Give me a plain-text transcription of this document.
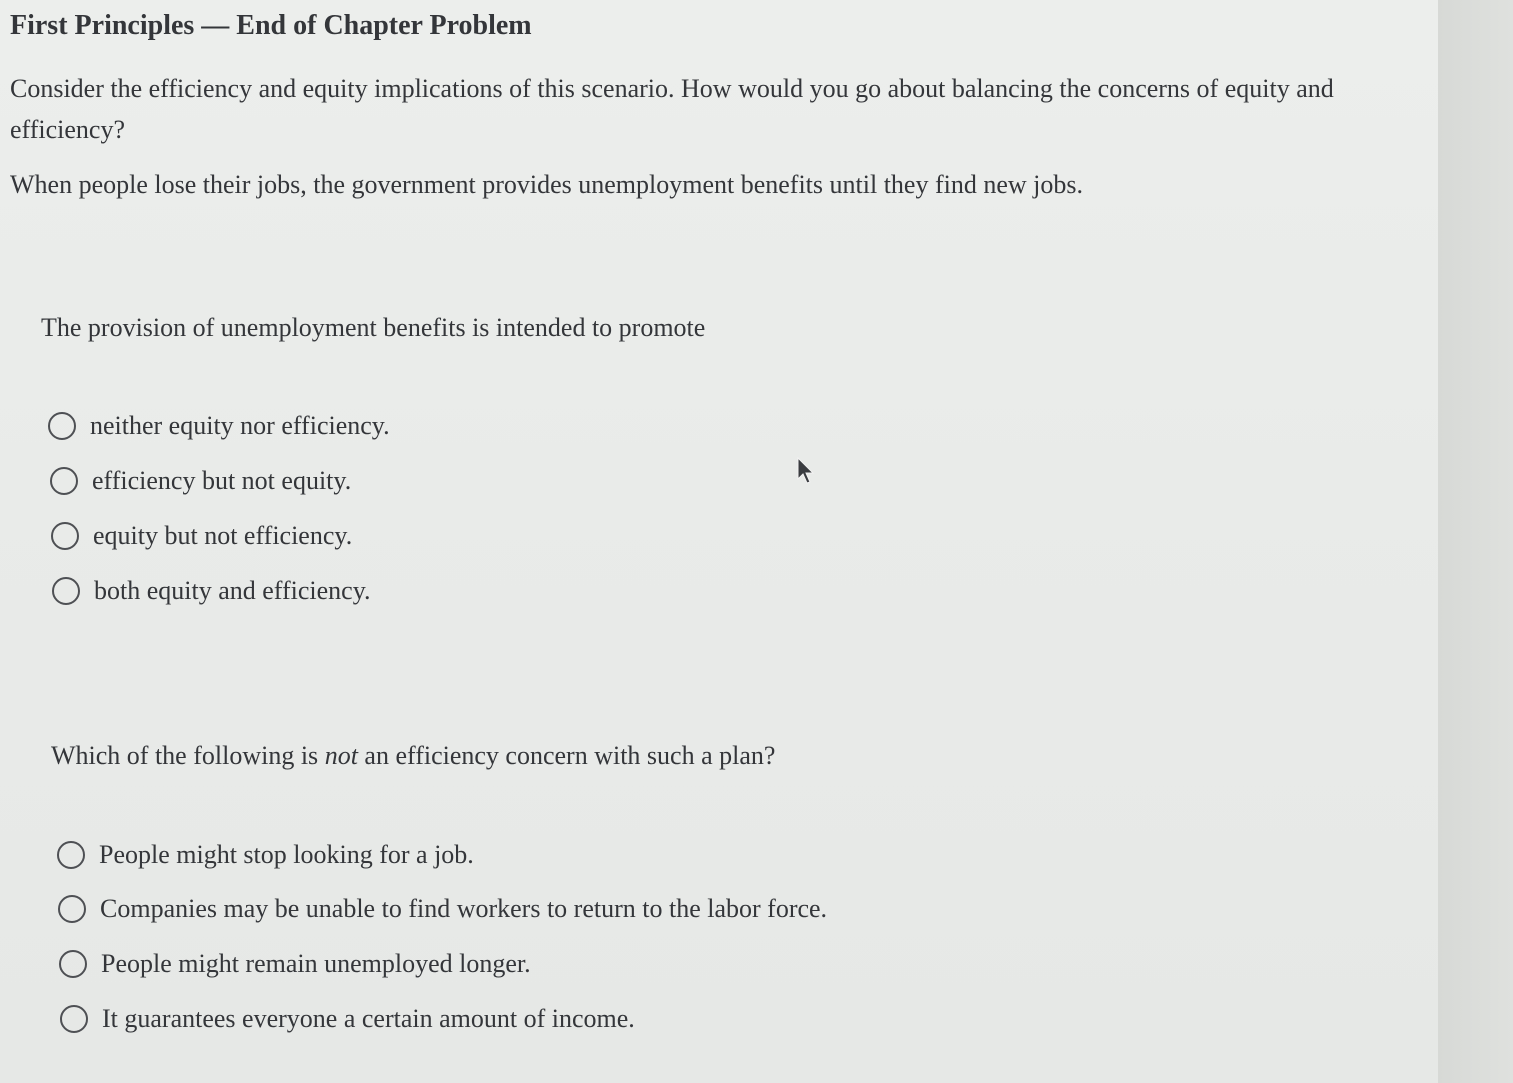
First Principles — End of Chapter Problem

Consider the efficiency and equity implications of this scenario. How would you go about balancing the concerns of equity and efficiency?

When people lose their jobs, the government provides unemployment benefits until they find new jobs.

The provision of unemployment benefits is intended to promote

neither equity nor efficiency.
efficiency but not equity.
equity but not efficiency.
both equity and efficiency.

Which of the following is not an efficiency concern with such a plan?

People might stop looking for a job.
Companies may be unable to find workers to return to the labor force.
People might remain unemployed longer.
It guarantees everyone a certain amount of income.
